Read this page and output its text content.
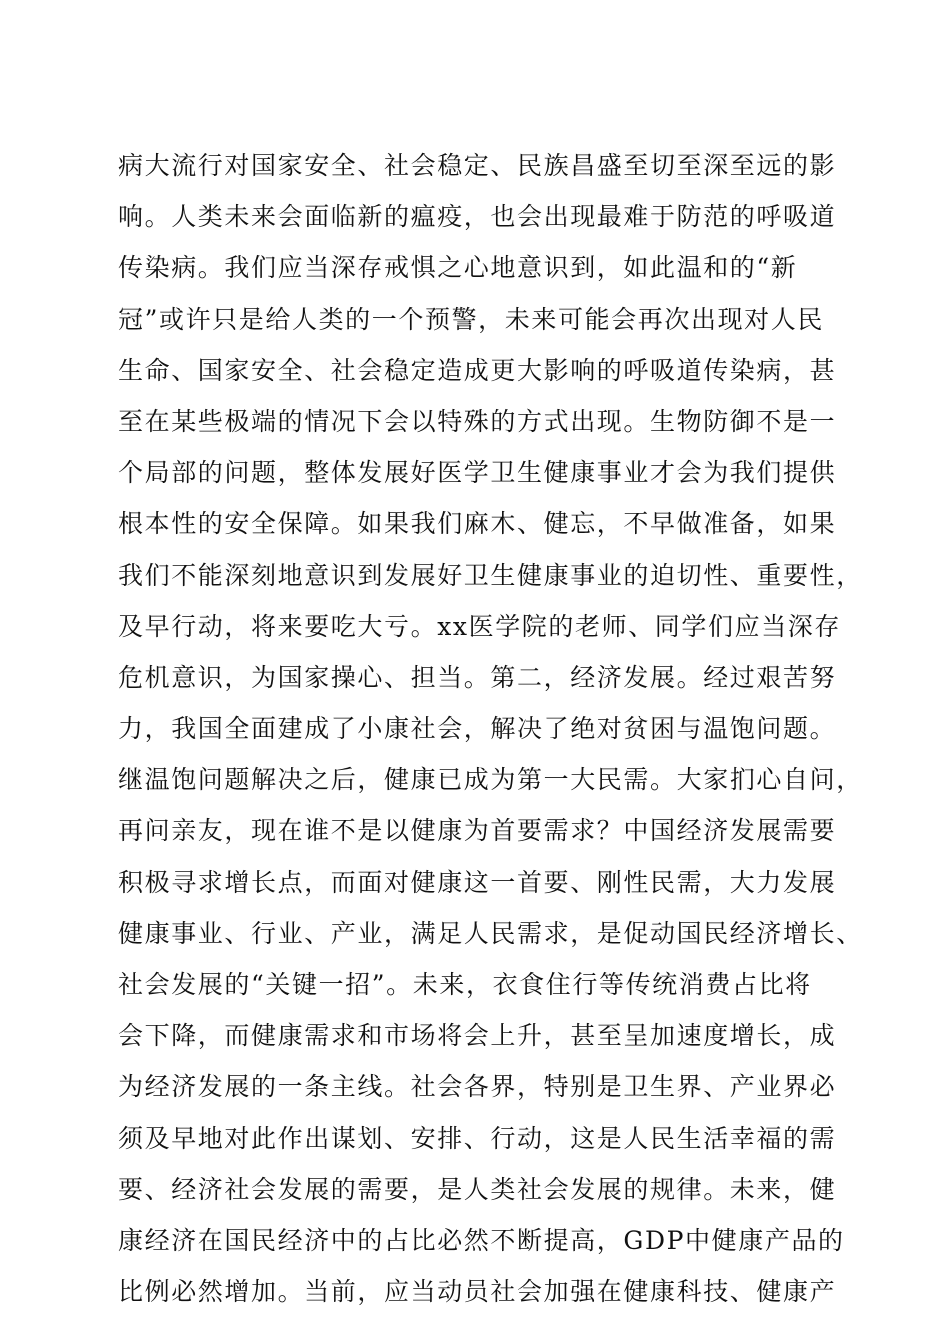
病大流行对国家安全、社会稳定、民族昌盛至切至深至远的影
响。人类未来会面临新的瘟疫，也会出现最难于防范的呼吸道
传染病。我们应当深存戒惧之心地意识到，如此温和的“新
冠”或许只是给人类的一个预警，未来可能会再次出现对人民
生命、国家安全、社会稳定造成更大影响的呼吸道传染病，甚
至在某些极端的情况下会以特殊的方式出现。生物防御不是一
个局部的问题，整体发展好医学卫生健康事业才会为我们提供
根本性的安全保障。如果我们麻木、健忘，不早做准备，如果
我们不能深刻地意识到发展好卫生健康事业的迫切性、重要性，
及早行动，将来要吃大亏。xx医学院的老师、同学们应当深存
危机意识，为国家操心、担当。第二，经济发展。经过艰苦努
力，我国全面建成了小康社会，解决了绝对贫困与温饱问题。
继温饱问题解决之后，健康已成为第一大民需。大家扪心自问，
再问亲友，现在谁不是以健康为首要需求？中国经济发展需要
积极寻求增长点，而面对健康这一首要、刚性民需，大力发展
健康事业、行业、产业，满足人民需求，是促动国民经济增长、
社会发展的“关键一招”。未来，衣食住行等传统消费占比将
会下降，而健康需求和市场将会上升，甚至呈加速度增长，成
为经济发展的一条主线。社会各界，特别是卫生界、产业界必
须及早地对此作出谋划、安排、行动，这是人民生活幸福的需
要、经济社会发展的需要，是人类社会发展的规律。未来，健
康经济在国民经济中的占比必然不断提高，GDP中健康产品的
比例必然增加。当前，应当动员社会加强在健康科技、健康产
